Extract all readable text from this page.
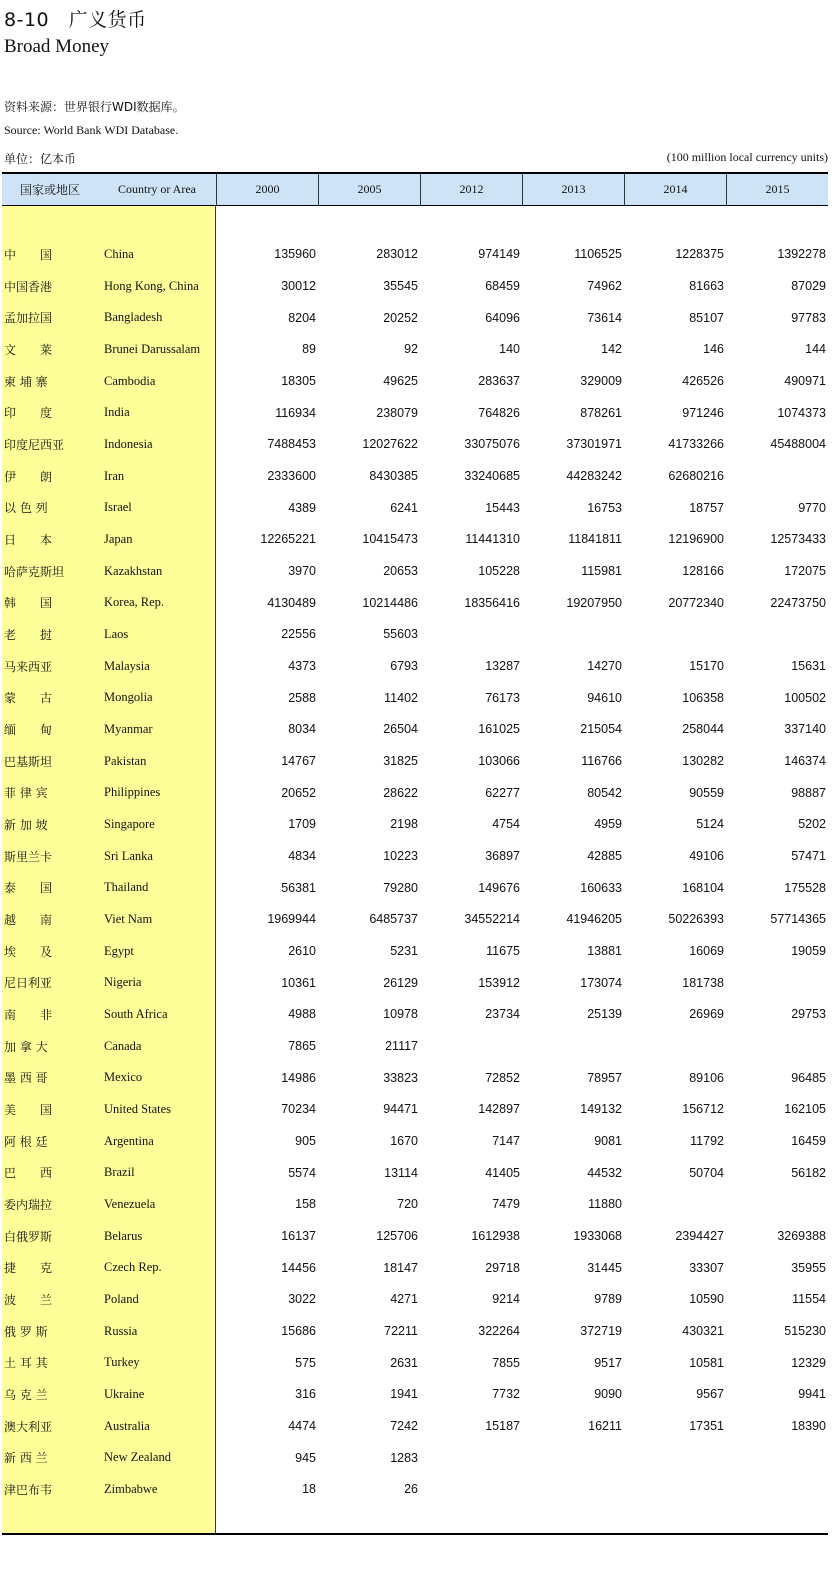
8-10　广义货币
Broad Money
资料来源：世界银行WDI数据库。
Source: World Bank WDI Database.
单位：亿本币	(100 million local currency units)
国家或地区	Country or Area	2000	2005	2012	2013	2014	2015
中　　国	China	135960	283012	974149	1106525	1228375	1392278
中国香港	Hong Kong, China	30012	35545	68459	74962	81663	87029
孟加拉国	Bangladesh	8204	20252	64096	73614	85107	97783
文　　莱	Brunei Darussalam	89	92	140	142	146	144
柬 埔 寨	Cambodia	18305	49625	283637	329009	426526	490971
印　　度	India	116934	238079	764826	878261	971246	1074373
印度尼西亚	Indonesia	7488453	12027622	33075076	37301971	41733266	45488004
伊　　朗	Iran	2333600	8430385	33240685	44283242	62680216
以 色 列	Israel	4389	6241	15443	16753	18757	9770
日　　本	Japan	12265221	10415473	11441310	11841811	12196900	12573433
哈萨克斯坦	Kazakhstan	3970	20653	105228	115981	128166	172075
韩　　国	Korea, Rep.	4130489	10214486	18356416	19207950	20772340	22473750
老　　挝	Laos	22556	55603
马来西亚	Malaysia	4373	6793	13287	14270	15170	15631
蒙　　古	Mongolia	2588	11402	76173	94610	106358	100502
缅　　甸	Myanmar	8034	26504	161025	215054	258044	337140
巴基斯坦	Pakistan	14767	31825	103066	116766	130282	146374
菲 律 宾	Philippines	20652	28622	62277	80542	90559	98887
新 加 坡	Singapore	1709	2198	4754	4959	5124	5202
斯里兰卡	Sri Lanka	4834	10223	36897	42885	49106	57471
泰　　国	Thailand	56381	79280	149676	160633	168104	175528
越　　南	Viet Nam	1969944	6485737	34552214	41946205	50226393	57714365
埃　　及	Egypt	2610	5231	11675	13881	16069	19059
尼日利亚	Nigeria	10361	26129	153912	173074	181738
南　　非	South Africa	4988	10978	23734	25139	26969	29753
加 拿 大	Canada	7865	21117
墨 西 哥	Mexico	14986	33823	72852	78957	89106	96485
美　　国	United States	70234	94471	142897	149132	156712	162105
阿 根 廷	Argentina	905	1670	7147	9081	11792	16459
巴　　西	Brazil	5574	13114	41405	44532	50704	56182
委内瑞拉	Venezuela	158	720	7479	11880
白俄罗斯	Belarus	16137	125706	1612938	1933068	2394427	3269388
捷　　克	Czech Rep.	14456	18147	29718	31445	33307	35955
波　　兰	Poland	3022	4271	9214	9789	10590	11554
俄 罗 斯	Russia	15686	72211	322264	372719	430321	515230
土 耳 其	Turkey	575	2631	7855	9517	10581	12329
乌 克 兰	Ukraine	316	1941	7732	9090	9567	9941
澳大利亚	Australia	4474	7242	15187	16211	17351	18390
新 西 兰	New Zealand	945	1283
津巴布韦	Zimbabwe	18	26
